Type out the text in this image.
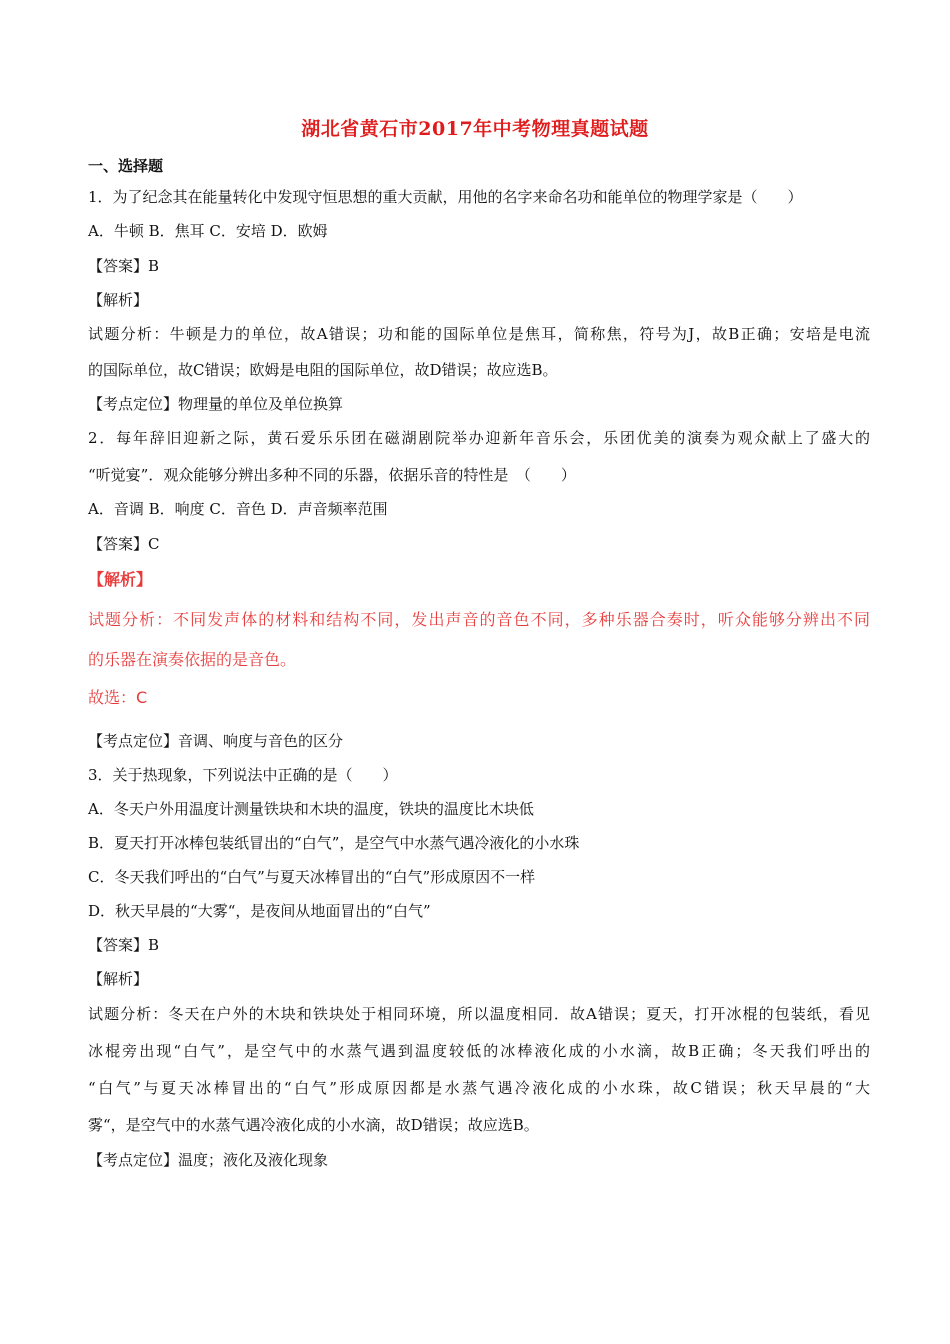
湖北省黄石市2017年中考物理真题试题
一、选择题
1．为了纪念其在能量转化中发现守恒思想的重大贡献，用他的名字来命名功和能单位的物理学家是（　　）
A．牛顿 B．焦耳 C．安培 D．欧姆
【答案】B
【解析】
试题分析：牛顿是力的单位，故A错误；功和能的国际单位是焦耳，简称焦，符号为J，故B正确；安培是电流
的国际单位，故C错误；欧姆是电阻的国际单位，故D错误；故应选B。
【考点定位】物理量的单位及单位换算
2．每年辞旧迎新之际，黄石爱乐乐团在磁湖剧院举办迎新年音乐会，乐团优美的演奏为观众献上了盛大的
“听觉宴”．观众能够分辨出多种不同的乐器，依据乐音的特性是　（　　）
A．音调 B．响度 C．音色 D．声音频率范围
【答案】C
【解析】
试题分析：不同发声体的材料和结构不同，发出声音的音色不同，多种乐器合奏时，听众能够分辨出不同
的乐器在演奏依据的是音色。
故选：C
【考点定位】音调、响度与音色的区分
3．关于热现象，下列说法中正确的是（　　）
A．冬天户外用温度计测量铁块和木块的温度，铁块的温度比木块低
B．夏天打开冰棒包装纸冒出的“白气”，是空气中水蒸气遇冷液化的小水珠
C．冬天我们呼出的“白气”与夏天冰棒冒出的“白气”形成原因不一样
D．秋天早晨的“大雾“，是夜间从地面冒出的“白气”
【答案】B
【解析】
试题分析：冬天在户外的木块和铁块处于相同环境，所以温度相同．故A错误；夏天，打开冰棍的包装纸，看见
冰棍旁出现“白气”，是空气中的水蒸气遇到温度较低的冰棒液化成的小水滴，故B正确；冬天我们呼出的
“白气”与夏天冰棒冒出的“白气”形成原因都是水蒸气遇冷液化成的小水珠，故C错误；秋天早晨的“大
雾“，是空气中的水蒸气遇冷液化成的小水滴，故D错误；故应选B。
【考点定位】温度；液化及液化现象
